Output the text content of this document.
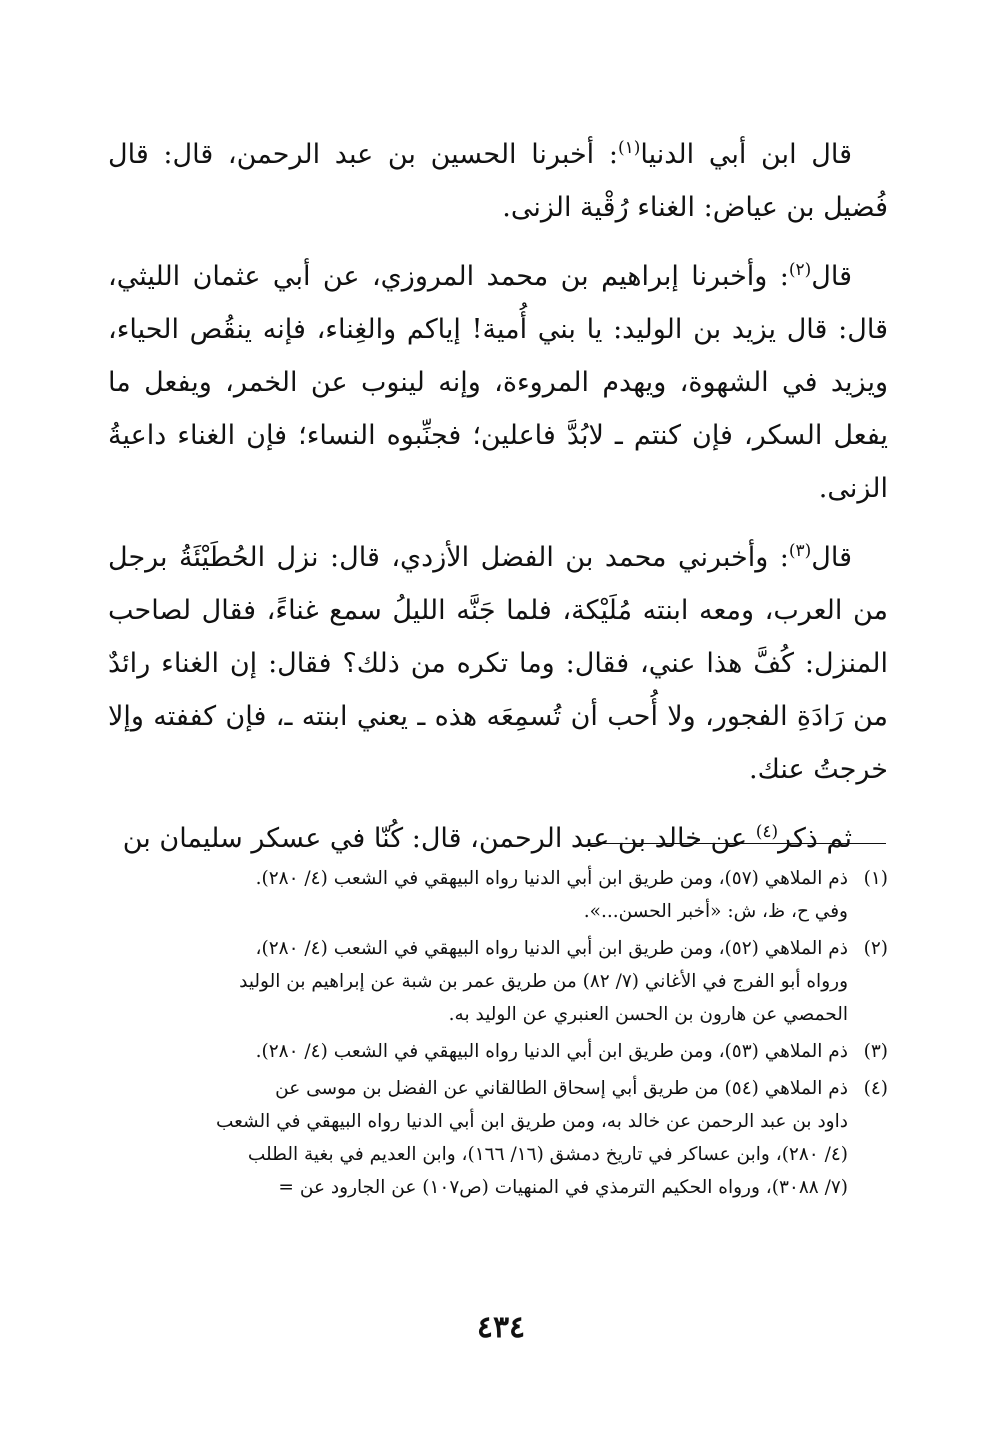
قال ابن أبي الدنيا$^{(١)}$: أخبرنا الحسين بن عبد الرحمن، قال: قال فُضيل بن عياض: الغناء رُقْية الزنى.

قال$^{(٢)}$: وأخبرنا إبراهيم بن محمد المروزي، عن أبي عثمان الليثي، قال: قال يزيد بن الوليد: يا بني أُمية! إياكم والغِناء، فإنه ينقُص الحياء، ويزيد في الشهوة، ويهدم المروءة، وإنه لينوب عن الخمر، ويفعل ما يفعل السكر، فإن كنتم ـ لابُدَّ فاعلين؛ فجنِّبوه النساء؛ فإن الغناء داعيةُ الزنى.

قال$^{(٣)}$: وأخبرني محمد بن الفضل الأزدي، قال: نزل الحُطَيْئَةُ برجل من العرب، ومعه ابنته مُلَيْكة، فلما جَنَّه الليلُ سمع غناءً، فقال لصاحب المنزل: كُفَّ هذا عني، فقال: وما تكره من ذلك؟ فقال: إن الغناء رائدٌ من رَادَةِ الفجور، ولا أُحب أن تُسمِعَه هذه ـ يعني ابنته ـ، فإن كففته وإلا خرجتُ عنك.

ثم ذكر$^{(٤)}$ عن خالد بن عبد الرحمن، قال: كُنّا في عسكر سليمان بن

(١)
ذم الملاهي (٥٧)، ومن طريق ابن أبي الدنيا رواه البيهقي في الشعب (٤/ ٢٨٠).
وفي ح، ظ، ش: «أخبر الحسن...».
(٢)
ذم الملاهي (٥٢)، ومن طريق ابن أبي الدنيا رواه البيهقي في الشعب (٤/ ٢٨٠)،
ورواه أبو الفرج في الأغاني (٧/ ٨٢) من طريق عمر بن شبة عن إبراهيم بن الوليد
الحمصي عن هارون بن الحسن العنبري عن الوليد به.
(٣)
ذم الملاهي (٥٣)، ومن طريق ابن أبي الدنيا رواه البيهقي في الشعب (٤/ ٢٨٠).
(٤)
ذم الملاهي (٥٤) من طريق أبي إسحاق الطالقاني عن الفضل بن موسى عن
داود بن عبد الرحمن عن خالد به، ومن طريق ابن أبي الدنيا رواه البيهقي في الشعب
(٤/ ٢٨٠)، وابن عساكر في تاريخ دمشق (١٦/ ١٦٦)، وابن العديم في بغية الطلب
(٧/ ٣٠٨٨)، ورواه الحكيم الترمذي في المنهيات (ص١٠٧) عن الجارود عن=
٤٣٤
